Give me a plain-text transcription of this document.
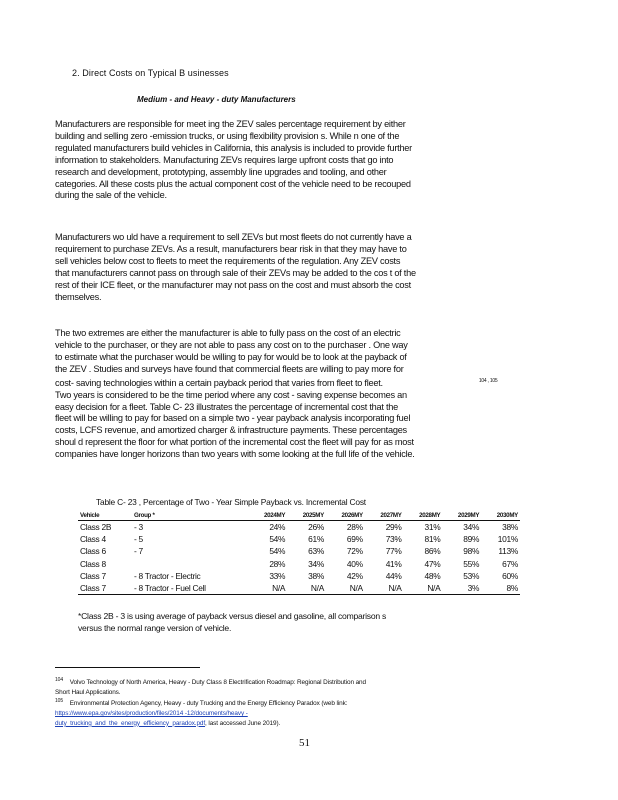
2. Direct Costs on Typical B usinesses
Medium - and Heavy - duty Manufacturers
Manufacturers are responsible for meet ing the ZEV sales percentage requirement by either
building and selling zero -emission trucks, or using flexibility provision s. While n one of the
regulated manufacturers build vehicles in California, this analysis is included to provide further
information to stakeholders. Manufacturing ZEVs requires large upfront costs that go into
research and development, prototyping, assembly line upgrades and tooling, and other
categories. All these costs plus the actual component cost of the vehicle need to be recouped
during the sale of the vehicle.
Manufacturers wo uld have a requirement to sell ZEVs but most fleets do not currently have a
requirement to purchase ZEVs. As a result, manufacturers bear risk in that they may have to
sell vehicles below cost to fleets to meet the requirements of the regulation. Any ZEV costs
that manufacturers cannot pass on through sale of their ZEVs may be added to the cos t of the
rest of their ICE fleet, or the manufacturer may not pass on the cost and must absorb the cost
themselves.
The two extremes are either the manufacturer is able to fully pass on the cost of an electric
vehicle to the purchaser, or they are not able to pass any cost on to the purchaser . One way
to estimate what the purchaser would be willing to pay for would be to look at the payback of
the ZEV . Studies and surveys have found that commercial fleets are willing to pay more for
cost- saving technologies within a certain payback period that varies from fleet to fleet.	$^{104 , 105}$
Two years is considered to be the time period where any cost - saving expense becomes an
easy decision for a fleet. Table C- 23 illustrates the percentage of incremental cost that the
fleet will be willing to pay for based on a simple two - year payback analysis incorporating fuel
costs, LCFS revenue, and amortized charger & infrastructure payments. These percentages
shoul d represent the floor for what portion of the incremental cost the fleet will pay for as most
companies have longer horizons than two years with some looking at the full life of the vehicle.
Table C- 23 , Percentage of Two - Year Simple Payback vs. Incremental Cost
Vehicle	Group *	2024MY	2025MY	2026MY	2027MY	2028MY	2029MY	2030MY
Class 2B	- 3	24%	26%	28%	29%	31%	34%	38%
Class 4	- 5	54%	61%	69%	73%	81%	89%	101%
Class 6	- 7	54%	63%	72%	77%	86%	98%	113%
Class 8		28%	34%	40%	41%	47%	55%	67%
Class 7	- 8 Tractor - Electric	33%	38%	42%	44%	48%	53%	60%
Class 7	- 8 Tractor - Fuel Cell	N/A	N/A	N/A	N/A	N/A	3%	8%
*Class 2B - 3 is using average of payback versus diesel and gasoline, all comparison s
versus the normal range version of vehicle.
$^{104}$ Volvo Technology of North America, Heavy - Duty Class 8 Electrification Roadmap: Regional Distribution and
Short Haul Applications.
$^{105}$ Environmental Protection Agency, Heavy - duty Trucking and the Energy Efficiency Paradox (web link:
https://www.epa.gov/sites/production/files/2014 -12/documents/heavy -
duty_trucking_and_the_energy_efficiency_paradox.pdf, last accessed June 2019).
51
